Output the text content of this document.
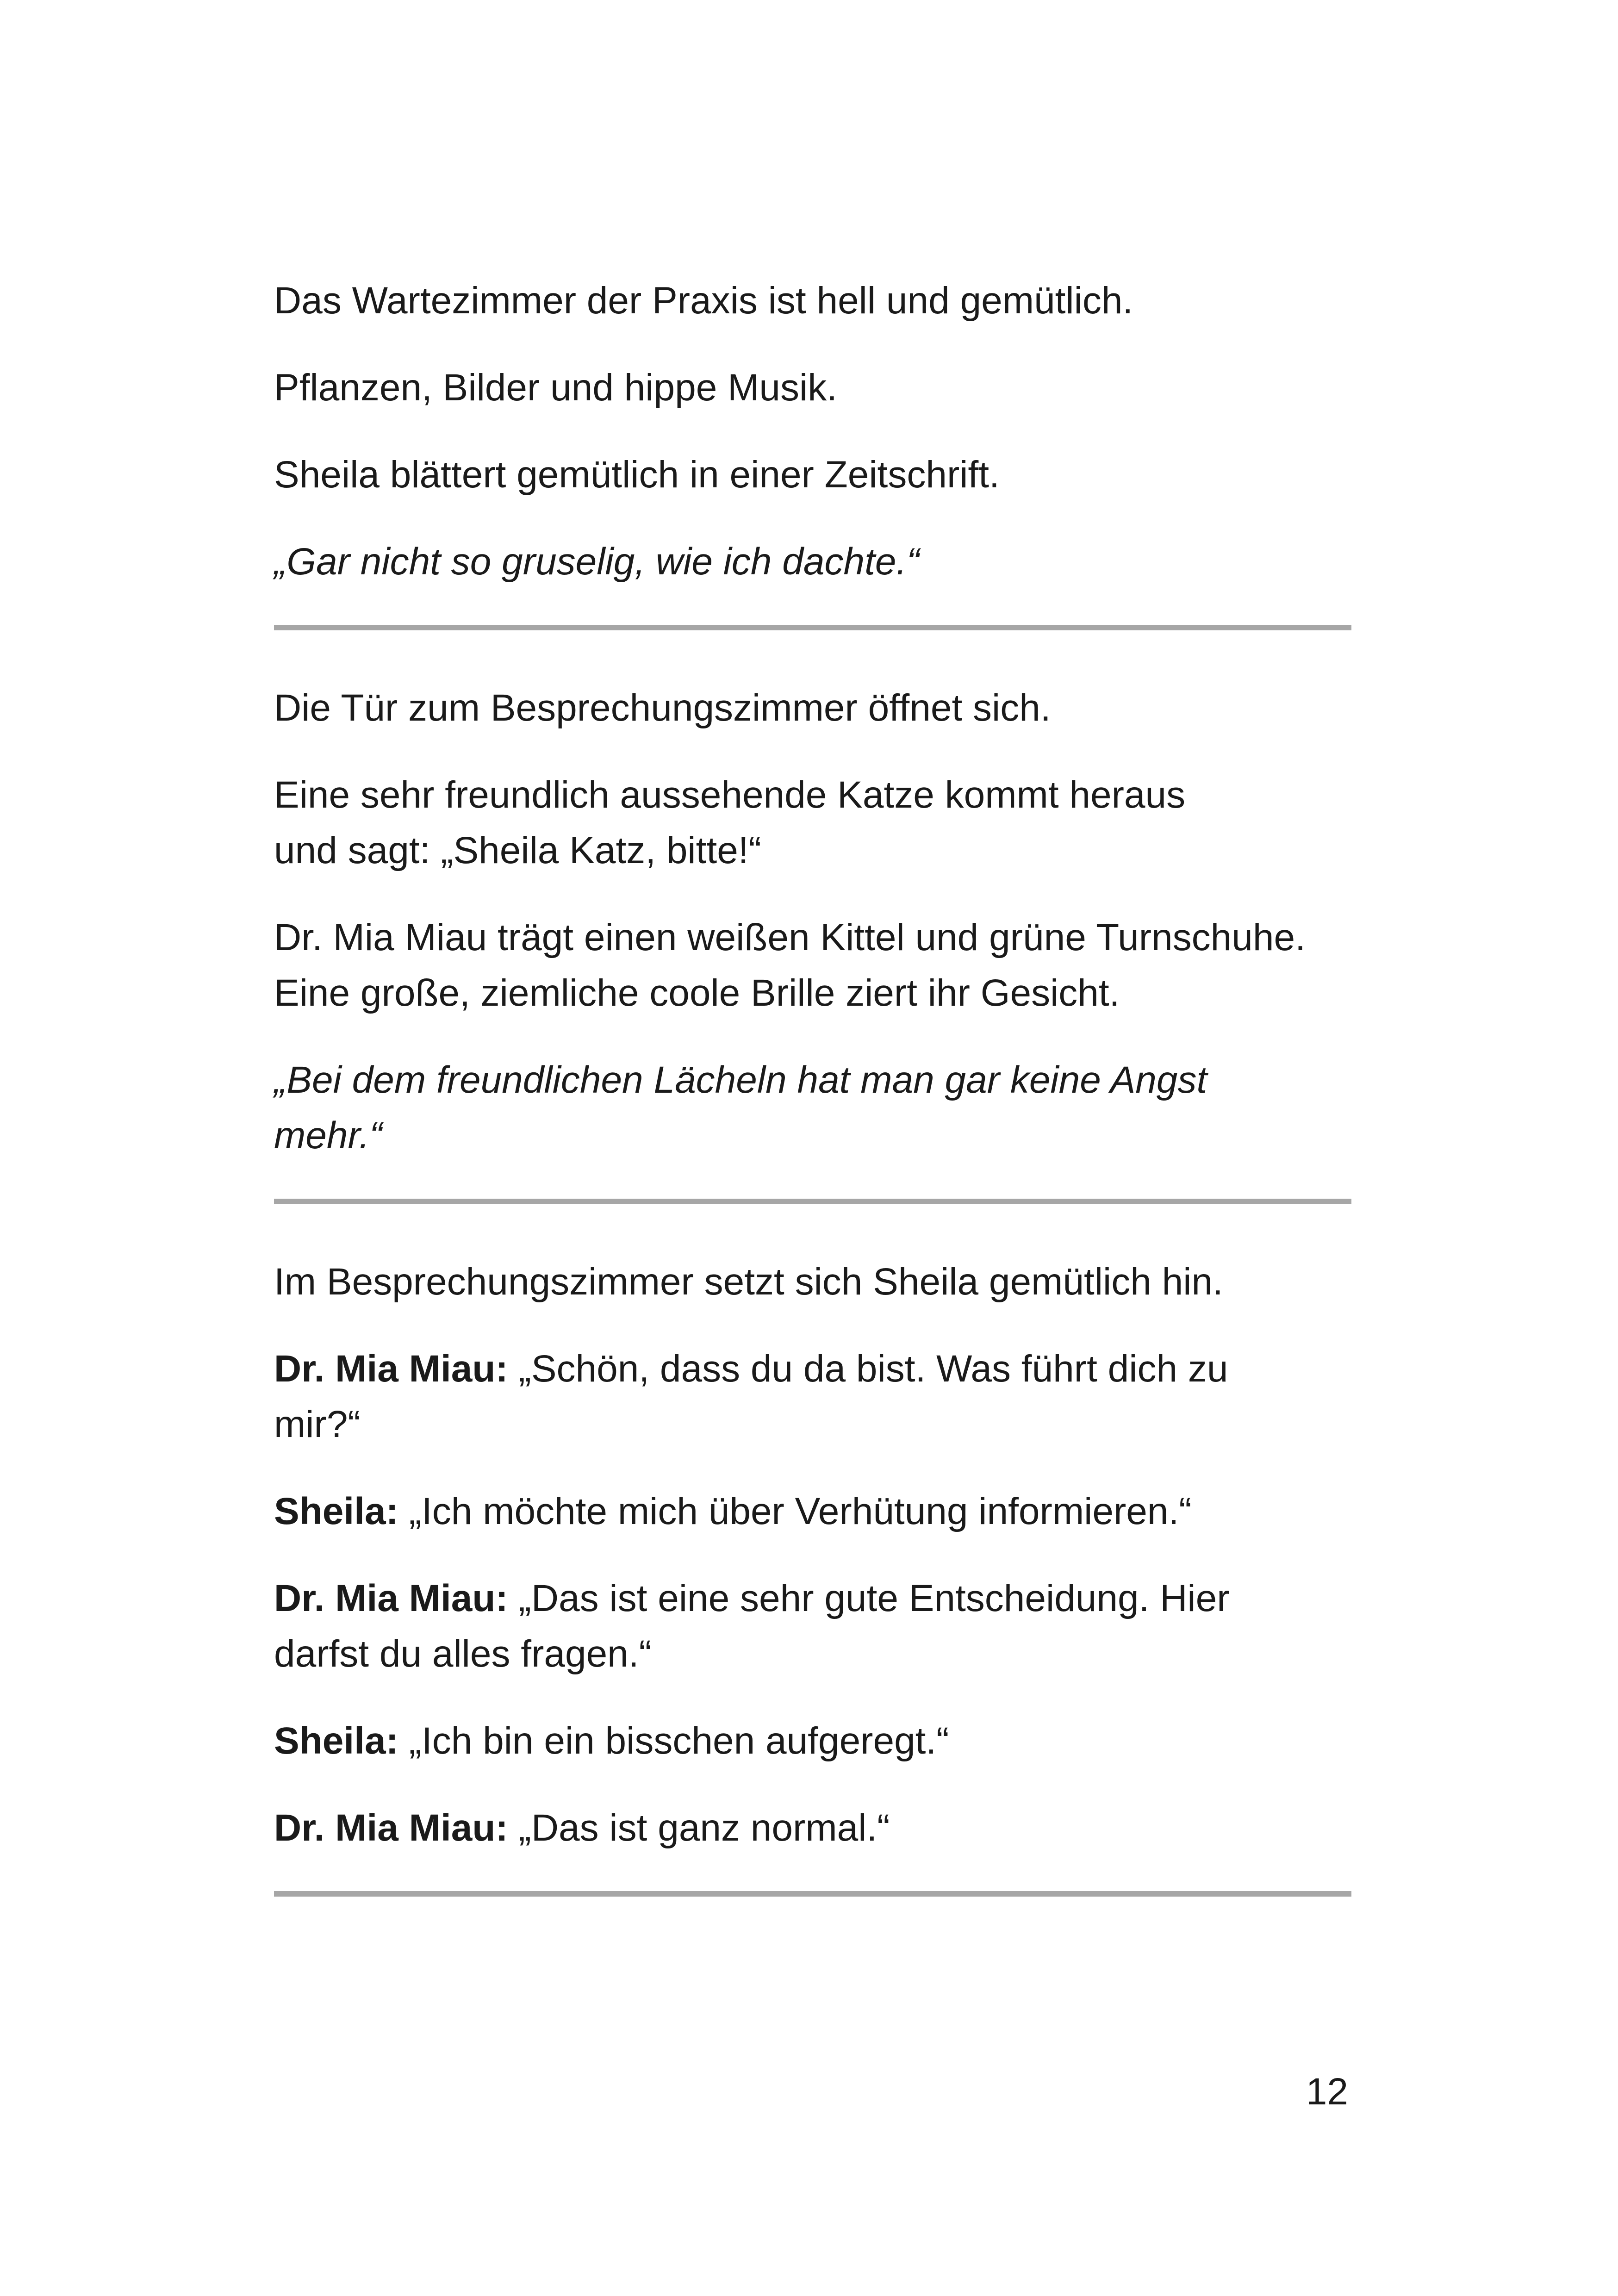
Das Wartezimmer der Praxis ist hell und gemütlich.

Pflanzen, Bilder und hippe Musik.

Sheila blättert gemütlich in einer Zeitschrift.

„Gar nicht so gruselig, wie ich dachte.“

Die Tür zum Besprechungszimmer öffnet sich.

Eine sehr freundlich aussehende Katze kommt heraus
und sagt: „Sheila Katz, bitte!“

Dr. Mia Miau trägt einen weißen Kittel und grüne Turnschuhe.
Eine große, ziemliche coole Brille ziert ihr Gesicht.

„Bei dem freundlichen Lächeln hat man gar keine Angst
mehr.“

Im Besprechungszimmer setzt sich Sheila gemütlich hin.

Dr. Mia Miau: „Schön, dass du da bist. Was führt dich zu
mir?“

Sheila: „Ich möchte mich über Verhütung informieren.“

Dr. Mia Miau: „Das ist eine sehr gute Entscheidung. Hier
darfst du alles fragen.“

Sheila: „Ich bin ein bisschen aufgeregt.“

Dr. Mia Miau: „Das ist ganz normal.“

12
